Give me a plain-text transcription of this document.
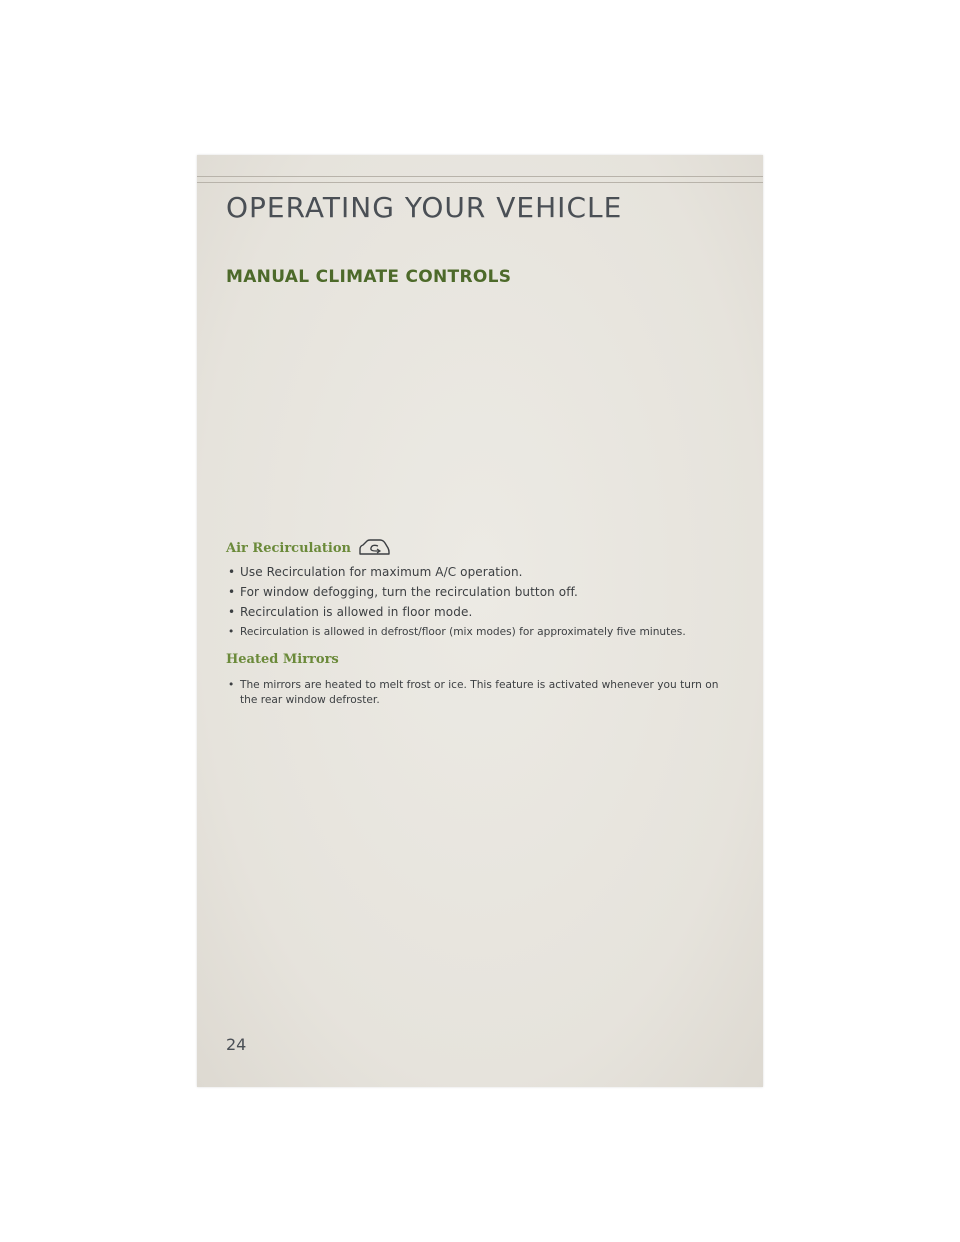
OPERATING YOUR VEHICLE
MANUAL CLIMATE CONTROLS
Air Recirculation
• Use Recirculation for maximum A/C operation.
• For window defogging, turn the recirculation button off.
• Recirculation is allowed in floor mode.
• Recirculation is allowed in defrost/floor (mix modes) for approximately five minutes.
Heated Mirrors
• The mirrors are heated to melt frost or ice. This feature is activated whenever you turn on the rear window defroster.
24
